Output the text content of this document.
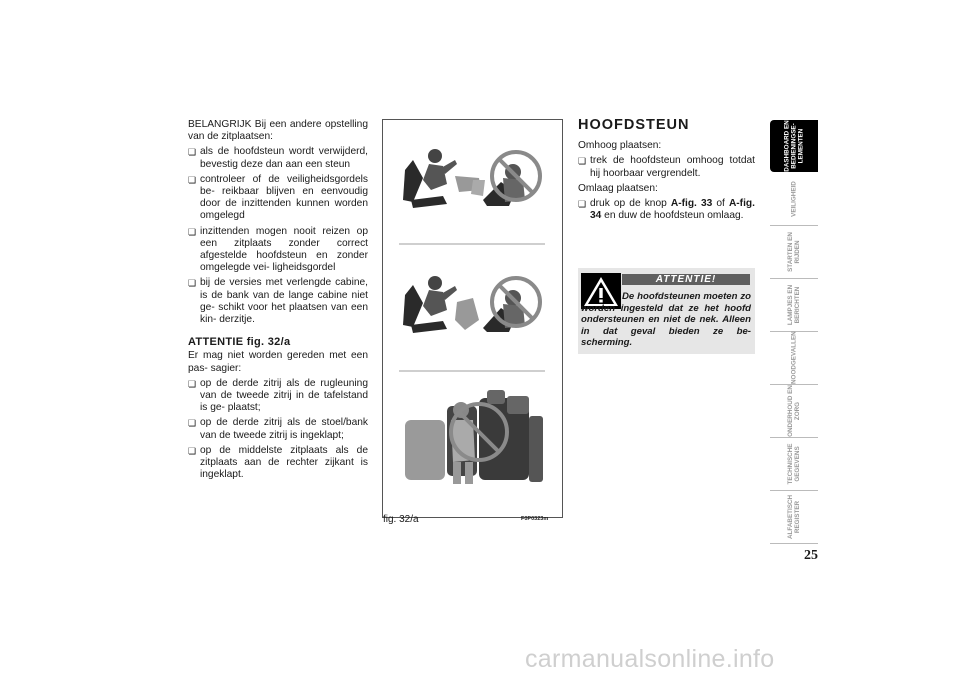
BELANGRIJK Bij een andere opstelling van de zitplaatsen:

❏ als de hoofdsteun wordt verwijderd, bevestig deze dan aan een steun

❏ controleer of de veiligheidsgordels be- reikbaar blijven en eenvoudig door de inzittenden kunnen worden omgelegd

❏ inzittenden mogen nooit reizen op een zitplaats zonder correct afgestelde hoofdsteun en zonder omgelegde vei- ligheidsgordel

❏ bij de versies met verlengde cabine, is de bank van de lange cabine niet ge- schikt voor het plaatsen van een kin- derzitje.

ATTENTIE fig. 32/a

Er mag niet worden gereden met een pas- sagier:

❏ op de derde zitrij als de rugleuning van de tweede zitrij in de tafelstand is ge- plaatst;

❏ op de derde zitrij als de stoel/bank van de tweede zitrij is ingeklapt;

❏ op de middelste zitplaats als de zitplaats aan de rechter zijkant is ingeklapt.

fig. 32/a	F0P0323m

HOOFDSTEUN

Omhoog plaatsen:

❏ trek de hoofdsteun omhoog totdat hij hoorbaar vergrendelt.

Omlaag plaatsen:

❏ druk op de knop A-fig. 33 of A-fig. 34 en duw de hoofdsteun omlaag.

ATTENTIE!
De hoofdsteunen moeten zo worden ingesteld dat ze het hoofd ondersteunen en niet de nek. Alleen in dat geval bieden ze be- scherming.
DASHBOARD EN BEDIENINGSE- LEMENTEN
VEILIGHEID
STARTEN EN RIJDEN
LAMPJES EN BERICHTEN
NOODGEVALLEN
ONDERHOUD EN ZORG
TECHNISCHE GEGEVENS
ALFABETISCH REGISTER
25
carmanualsonline.info
